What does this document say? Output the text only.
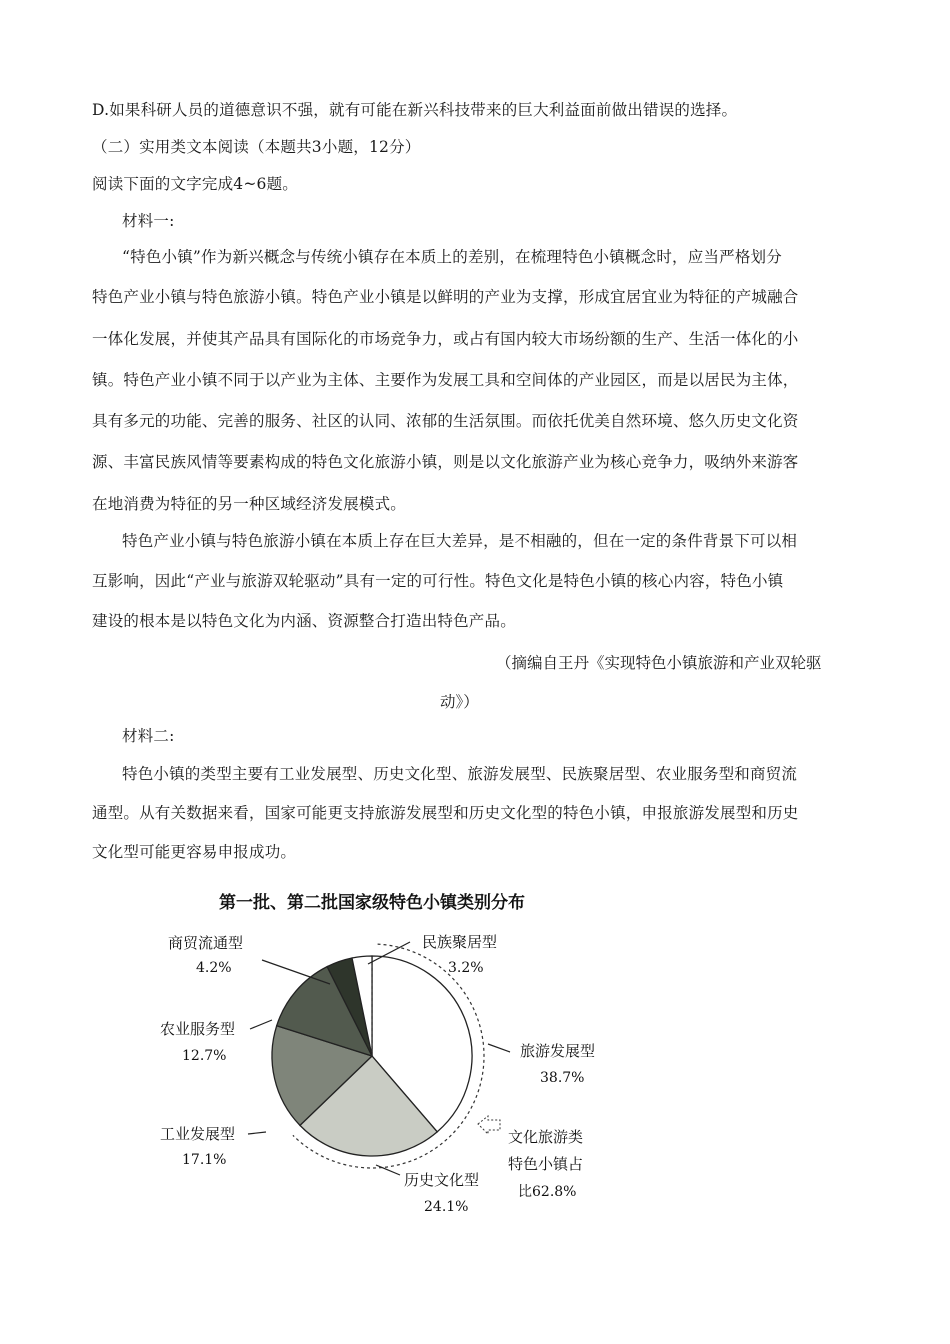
D.如果科研人员的道德意识不强，就有可能在新兴科技带来的巨大利益面前做出错误的选择。
（二）实用类文本阅读（本题共3小题，12分）
阅读下面的文字完成4~6题。
材料一:
“特色小镇”作为新兴概念与传统小镇存在本质上的差别，在梳理特色小镇概念时，应当严格划分
特色产业小镇与特色旅游小镇。特色产业小镇是以鲜明的产业为支撑，形成宜居宜业为特征的产城融合
一体化发展，并使其产品具有国际化的市场竞争力，或占有国内较大市场纷额的生产、生活一体化的小
镇。特色产业小镇不同于以产业为主体、主要作为发展工具和空间体的产业园区，而是以居民为主体，
具有多元的功能、完善的服务、社区的认同、浓郁的生活氛围。而依托优美自然环境、悠久历史文化资
源、丰富民族风情等要素构成的特色文化旅游小镇，则是以文化旅游产业为核心竞争力，吸纳外来游客
在地消费为特征的另一种区域经济发展模式。
特色产业小镇与特色旅游小镇在本质上存在巨大差异，是不相融的，但在一定的条件背景下可以相
互影响，因此“产业与旅游双轮驱动”具有一定的可行性。特色文化是特色小镇的核心内容，特色小镇
建设的根本是以特色文化为内涵、资源整合打造出特色产品。
（摘编自王丹《实现特色小镇旅游和产业双轮驱
动》）
材料二:
特色小镇的类型主要有工业发展型、历史文化型、旅游发展型、民族聚居型、农业服务型和商贸流
通型。从有关数据来看，国家可能更支持旅游发展型和历史文化型的特色小镇，申报旅游发展型和历史
文化型可能更容易申报成功。
第一批、第二批国家级特色小镇类别分布
商贸流通型
4.2%
民族聚居型
3.2%
农业服务型
12.7%	旅游发展型
38.7%
工业发展型
17.1%
历史文化型
24.1%
文化旅游类
特色小镇占
比62.8%
